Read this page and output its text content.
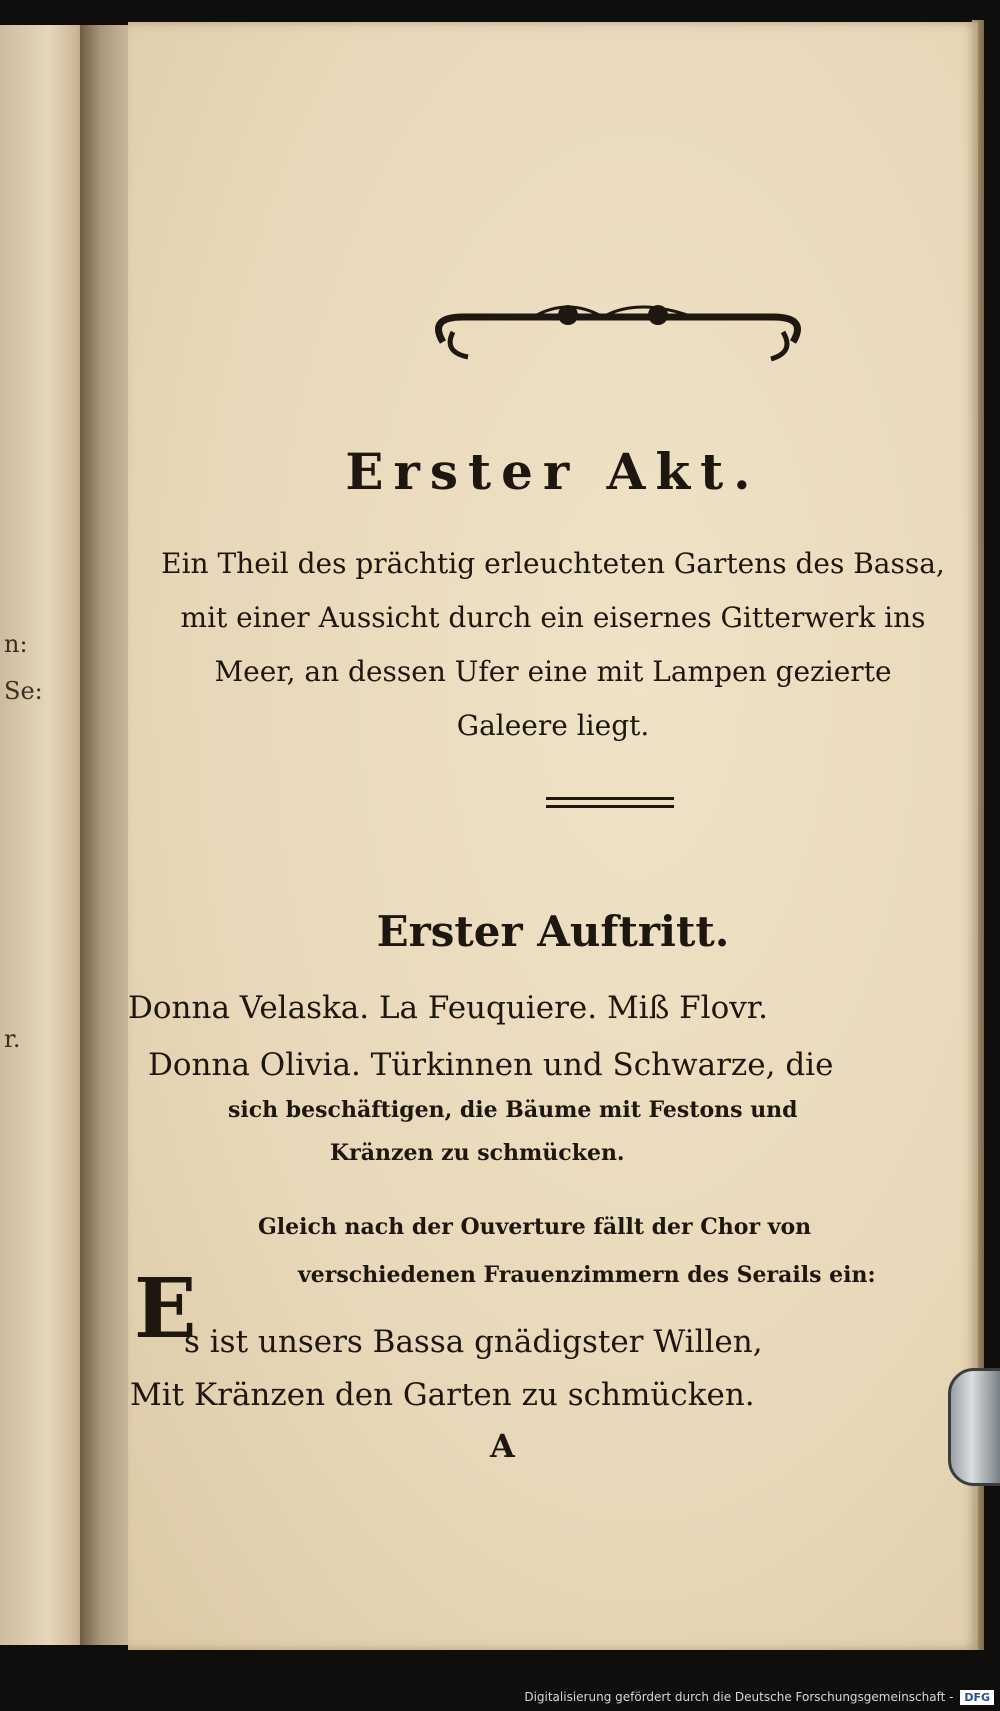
n:
Se:
r.
Erster Akt.
Ein Theil des prächtig erleuchteten Gartens des Bassa,
mit einer Aussicht durch ein eisernes Gitterwerk ins
Meer, an dessen Ufer eine mit Lampen gezierte
Galeere liegt.
Erster Auftritt.
Donna Velaska. La Feuquiere. Miß Flovr.
Donna Olivia. Türkinnen und Schwarze, die
sich beschäftigen, die Bäume mit Festons und
Kränzen zu schmücken.
Gleich nach der Ouverture fällt der Chor von
verschiedenen Frauenzimmern des Serails ein:
s ist unsers Bassa gnädigster Willen,
Mit Kränzen den Garten zu schmücken.
A
E
Digitalisierung gefördert durch die Deutsche Forschungsgemeinschaft - DFG
